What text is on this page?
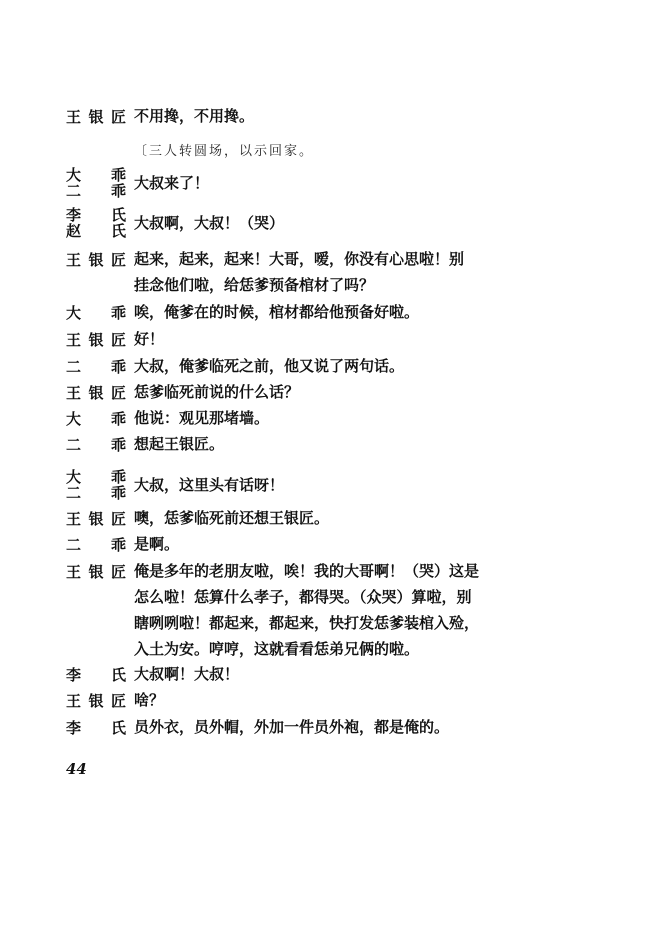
王银匠 不用搀，不用搀。
〔三人转圆场，以示回家。
大　乖
二　乖 大叔来了！
李　氏
赵　氏 大叔啊，大叔！（哭）
王银匠 起来，起来，起来！大哥，嗳，你没有心思啦！别
挂念他们啦，给恁爹预备棺材了吗？
大　乖 唉，俺爹在的时候，棺材都给他预备好啦。
王银匠 好！
二　乖 大叔，俺爹临死之前，他又说了两句话。
王银匠 恁爹临死前说的什么话？
大　乖 他说：观见那堵墙。
二　乖 想起王银匠。
大　乖
二　乖 大叔，这里头有话呀！
王银匠 噢，恁爹临死前还想王银匠。
二　乖 是啊。
王银匠 俺是多年的老朋友啦，唉！我的大哥啊！（哭）这是
怎么啦！恁算什么孝子，都得哭。（众哭）算啦，别
瞎咧咧啦！都起来，都起来，快打发恁爹装棺入殓，
入土为安。哼哼，这就看看恁弟兄俩的啦。
李　氏 大叔啊！大叔！
王银匠 啥？
李　氏 员外衣，员外帽，外加一件员外袍，都是俺的。
44
